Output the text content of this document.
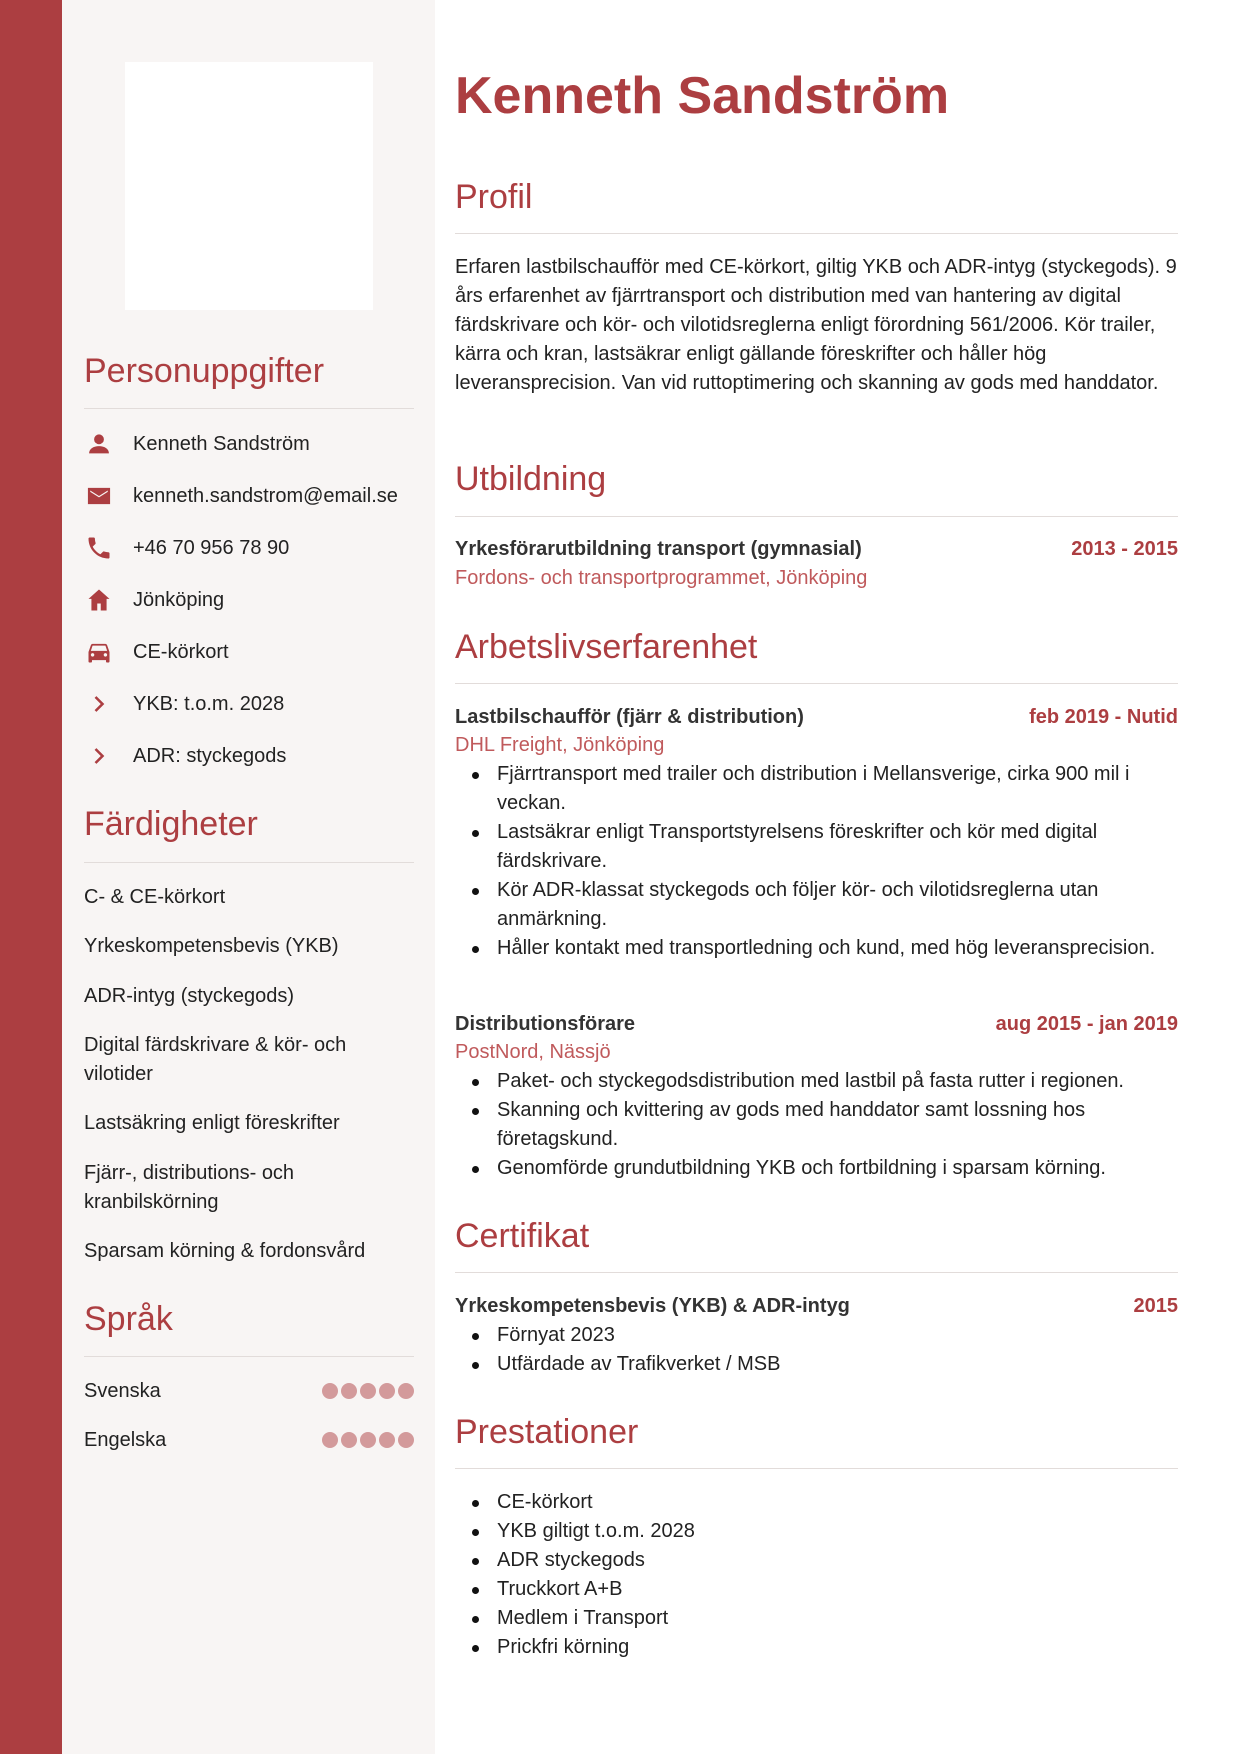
Personuppgifter
Kenneth Sandström
kenneth.sandstrom@email.se
+46 70 956 78 90
Jönköping
CE-körkort
YKB: t.o.m. 2028
ADR: styckegods
Färdigheter
C- & CE-körkort
Yrkeskompetensbevis (YKB)
ADR-intyg (styckegods)
Digital färdskrivare & kör- och vilotider
Lastsäkring enligt föreskrifter
Fjärr-, distributions- och kranbilskörning
Sparsam körning & fordonsvård
Språk
Svenska
Engelska
Kenneth Sandström
Profil

Erfaren lastbilschaufför med CE-körkort, giltig YKB och ADR-intyg (styckegods). 9 års erfarenhet av fjärrtransport och distribution med van hantering av digital färdskrivare och kör- och vilotidsreglerna enligt förordning 561/2006. Kör trailer, kärra och kran, lastsäkrar enligt gällande föreskrifter och håller hög leveransprecision. Van vid ruttoptimering och skanning av gods med handdator.

Utbildning
Yrkesförarutbildning transport (gymnasial)	2013 - 2015
Fordons- och transportprogrammet, Jönköping
Arbetslivserfarenhet
Lastbilschaufför (fjärr & distribution)	feb 2019 - Nutid
DHL Freight, Jönköping
Fjärrtransport med trailer och distribution i Mellansverige, cirka 900 mil i veckan.
Lastsäkrar enligt Transportstyrelsens föreskrifter och kör med digital färdskrivare.
Kör ADR-klassat styckegods och följer kör- och vilotidsreglerna utan anmärkning.
Håller kontakt med transportledning och kund, med hög leveransprecision.
Distributionsförare	aug 2015 - jan 2019
PostNord, Nässjö
Paket- och styckegodsdistribution med lastbil på fasta rutter i regionen.
Skanning och kvittering av gods med handdator samt lossning hos företagskund.
Genomförde grundutbildning YKB och fortbildning i sparsam körning.
Certifikat
Yrkeskompetensbevis (YKB) & ADR-intyg	2015
Förnyat 2023
Utfärdade av Trafikverket / MSB
Prestationer
CE-körkort
YKB giltigt t.o.m. 2028
ADR styckegods
Truckkort A+B
Medlem i Transport
Prickfri körning
